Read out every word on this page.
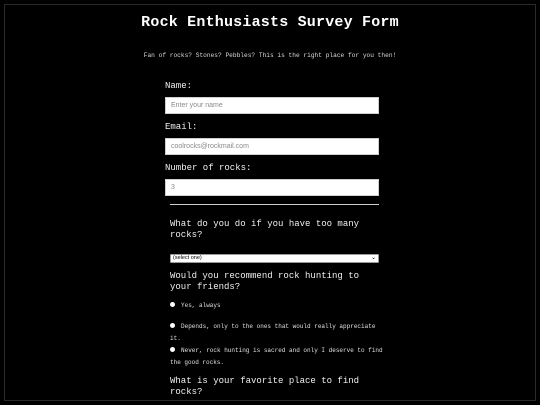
Rock Enthusiasts Survey Form

Fan of rocks? Stones? Pebbles? This is the right place for you then!

Name:

Enter your name

Email:

coolrocks@rockmail.com

Number of rocks:

3

What do you do if you have too many rocks?

(select one)	⌄

Would you recommend rock hunting to your friends?

Yes, always
Depends, only to the ones that would really appreciate it.
Never, rock hunting is sacred and only I deserve to find the good rocks.

What is your favorite place to find rocks?
